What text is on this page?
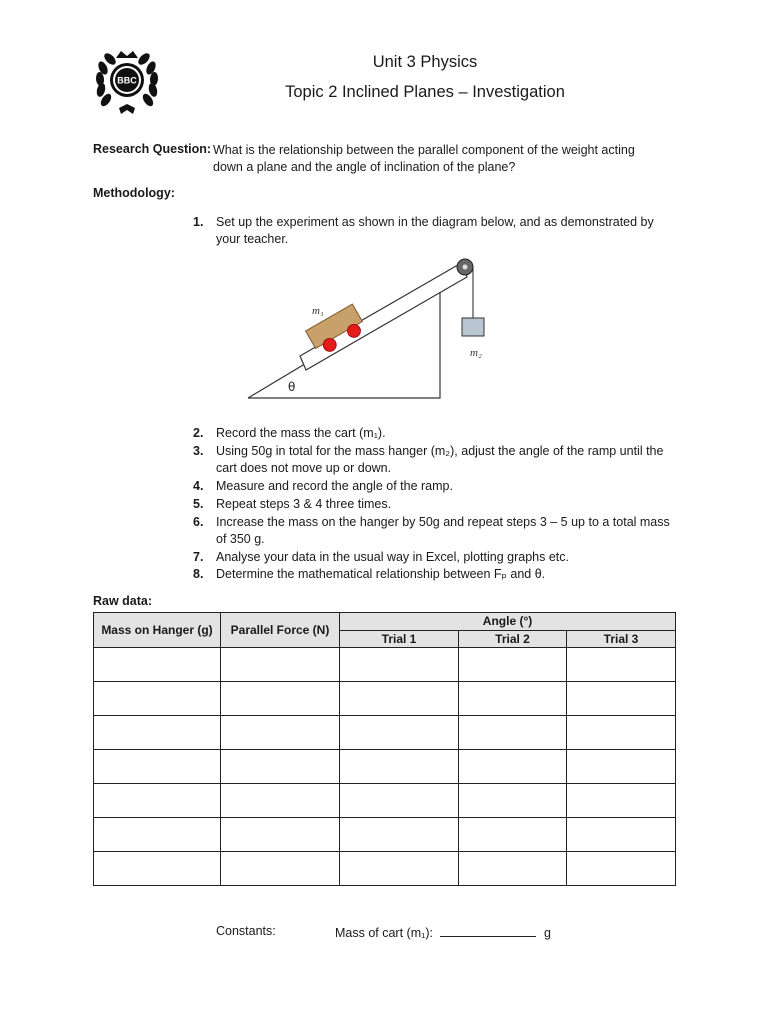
BBC
Unit 3 Physics
Topic 2 Inclined Planes – Investigation
Research Question: What is the relationship between the parallel component of the weight acting
down a plane and the angle of inclination of the plane?
Methodology:
1.	Set up the experiment as shown in the diagram below, and as demonstrated by your teacher.
m₁
m₂
θ
2.	Record the mass the cart (m₁).
3.	Using 50g in total for the mass hanger (m₂), adjust the angle of the ramp until the cart does not move up or down.
4.	Measure and record the angle of the ramp.
5.	Repeat steps 3 & 4 three times.
6.	Increase the mass on the hanger by 50g and repeat steps 3 – 5 up to a total mass of 350 g.
7.	Analyse your data in the usual way in Excel, plotting graphs etc.
8.	Determine the mathematical relationship between Fₚ and θ.
Raw data:
Mass on Hanger (g)	Parallel Force (N)	Angle (°)		
		Trial 1	Trial 2	Trial 3

Constants:	Mass of cart (m₁):	g
